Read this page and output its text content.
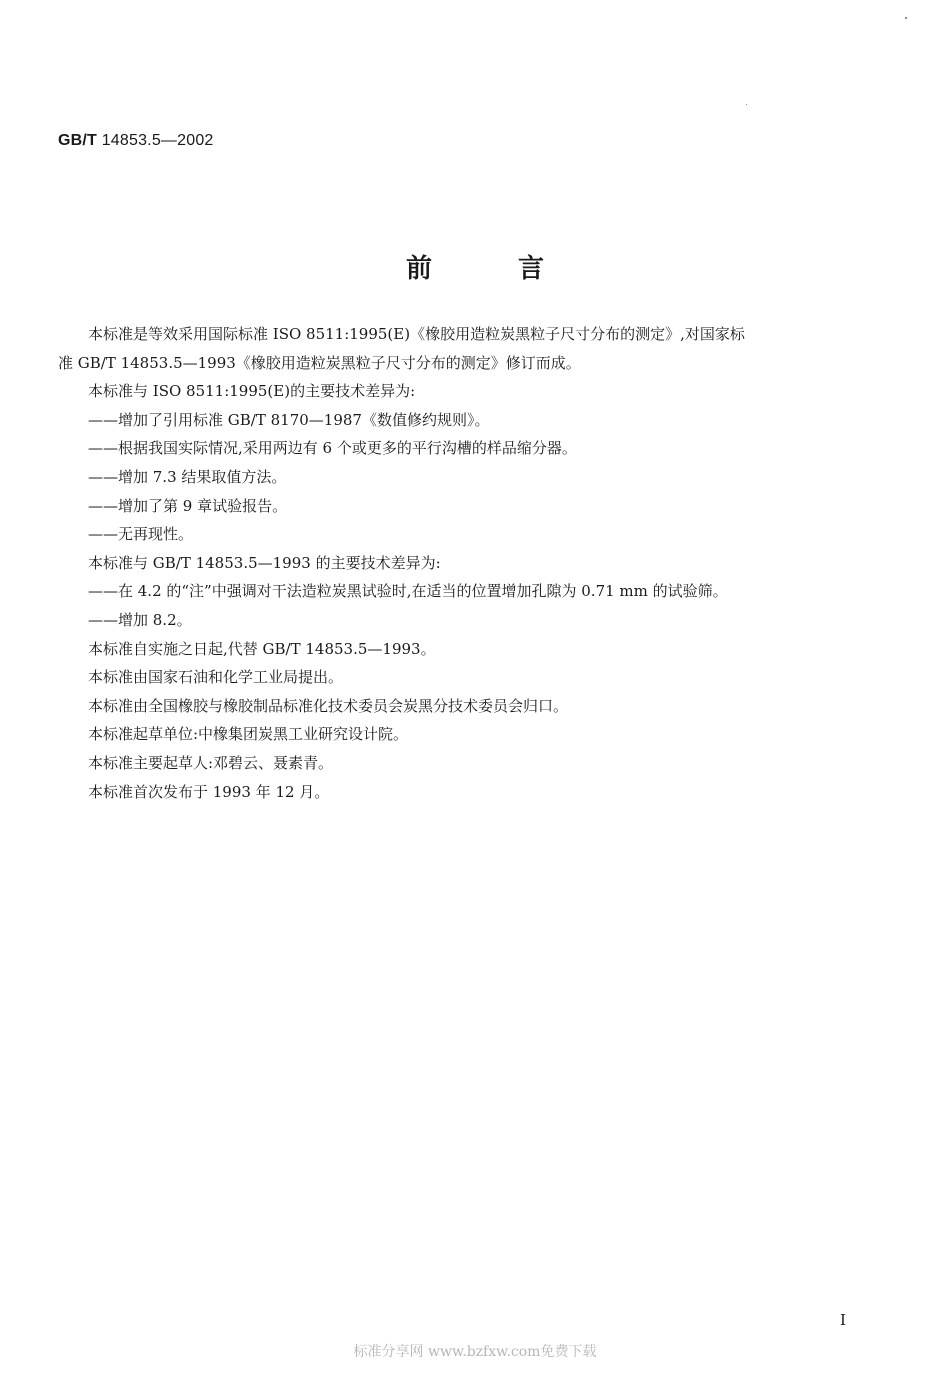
GB/T 14853.5—2002
前言

本标准是等效采用国际标准 ISO 8511:1995(E)《橡胶用造粒炭黑粒子尺寸分布的测定》,对国家标

准 GB/T 14853.5—1993《橡胶用造粒炭黑粒子尺寸分布的测定》修订而成。

本标准与 ISO 8511:1995(E)的主要技术差异为:

——增加了引用标准 GB/T 8170—1987《数值修约规则》。

——根据我国实际情况,采用两边有 6 个或更多的平行沟槽的样品缩分器。

——增加 7.3 结果取值方法。

——增加了第 9 章试验报告。

——无再现性。

本标准与 GB/T 14853.5—1993 的主要技术差异为:

——在 4.2 的“注”中强调对干法造粒炭黑试验时,在适当的位置增加孔隙为 0.71 mm 的试验筛。

——增加 8.2。

本标准自实施之日起,代替 GB/T 14853.5—1993。

本标准由国家石油和化学工业局提出。

本标准由全国橡胶与橡胶制品标准化技术委员会炭黑分技术委员会归口。

本标准起草单位:中橡集团炭黑工业研究设计院。

本标准主要起草人:邓碧云、聂素青。

本标准首次发布于 1993 年 12 月。

I
标准分享网 www.bzfxw.com免费下载
